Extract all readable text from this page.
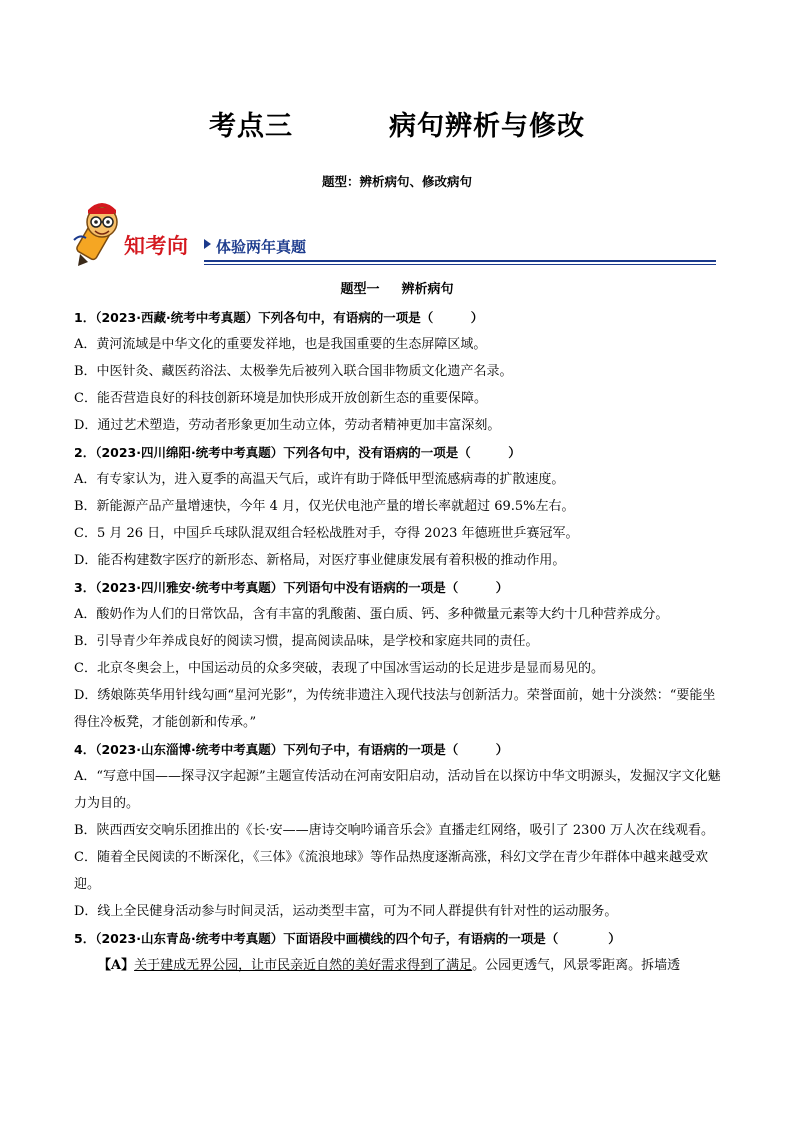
考点三	病句辨析与修改
题型：辨析病句、修改病句
知考向 体验两年真题
题型一 辨析病句
1．（2023·西藏·统考中考真题）下列各句中，有语病的一项是（　　　）
A．黄河流域是中华文化的重要发祥地，也是我国重要的生态屏障区域。
B．中医针灸、藏医药浴法、太极拳先后被列入联合国非物质文化遗产名录。
C．能否营造良好的科技创新环境是加快形成开放创新生态的重要保障。
D．通过艺术塑造，劳动者形象更加生动立体，劳动者精神更加丰富深刻。
2．（2023·四川绵阳·统考中考真题）下列各句中，没有语病的一项是（　　　）
A．有专家认为，进入夏季的高温天气后，或许有助于降低甲型流感病毒的扩散速度。
B．新能源产品产量增速快，今年 4 月，仅光伏电池产量的增长率就超过 69.5%左右。
C．5 月 26 日，中国乒乓球队混双组合轻松战胜对手，夺得 2023 年德班世乒赛冠军。
D．能否构建数字医疗的新形态、新格局，对医疗事业健康发展有着积极的推动作用。
3．（2023·四川雅安·统考中考真题）下列语句中没有语病的一项是（　　　）
A．酸奶作为人们的日常饮品，含有丰富的乳酸菌、蛋白质、钙、多种微量元素等大约十几种营养成分。
B．引导青少年养成良好的阅读习惯，提高阅读品味，是学校和家庭共同的责任。
C．北京冬奥会上，中国运动员的众多突破，表现了中国冰雪运动的长足进步是显而易见的。
D．绣娘陈英华用针线勾画“星河光影”，为传统非遗注入现代技法与创新活力。荣誉面前，她十分淡然：“要能坐得住冷板凳，才能创新和传承。”
4．（2023·山东淄博·统考中考真题）下列句子中，有语病的一项是（　　　）
A．“写意中国——探寻汉字起源”主题宣传活动在河南安阳启动，活动旨在以探访中华文明源头，发掘汉字文化魅力为目的。
B．陕西西安交响乐团推出的《长·安——唐诗交响吟诵音乐会》直播走红网络，吸引了 2300 万人次在线观看。
C．随着全民阅读的不断深化，《三体》《流浪地球》等作品热度逐渐高涨，科幻文学在青少年群体中越来越受欢迎。
D．线上全民健身活动参与时间灵活，运动类型丰富，可为不同人群提供有针对性的运动服务。
5．（2023·山东青岛·统考中考真题）下面语段中画横线的四个句子，有语病的一项是（　　　　）
【A】关于建成无界公园，让市民亲近自然的美好需求得到了满足。公园更透气，风景零距离。拆墙透
